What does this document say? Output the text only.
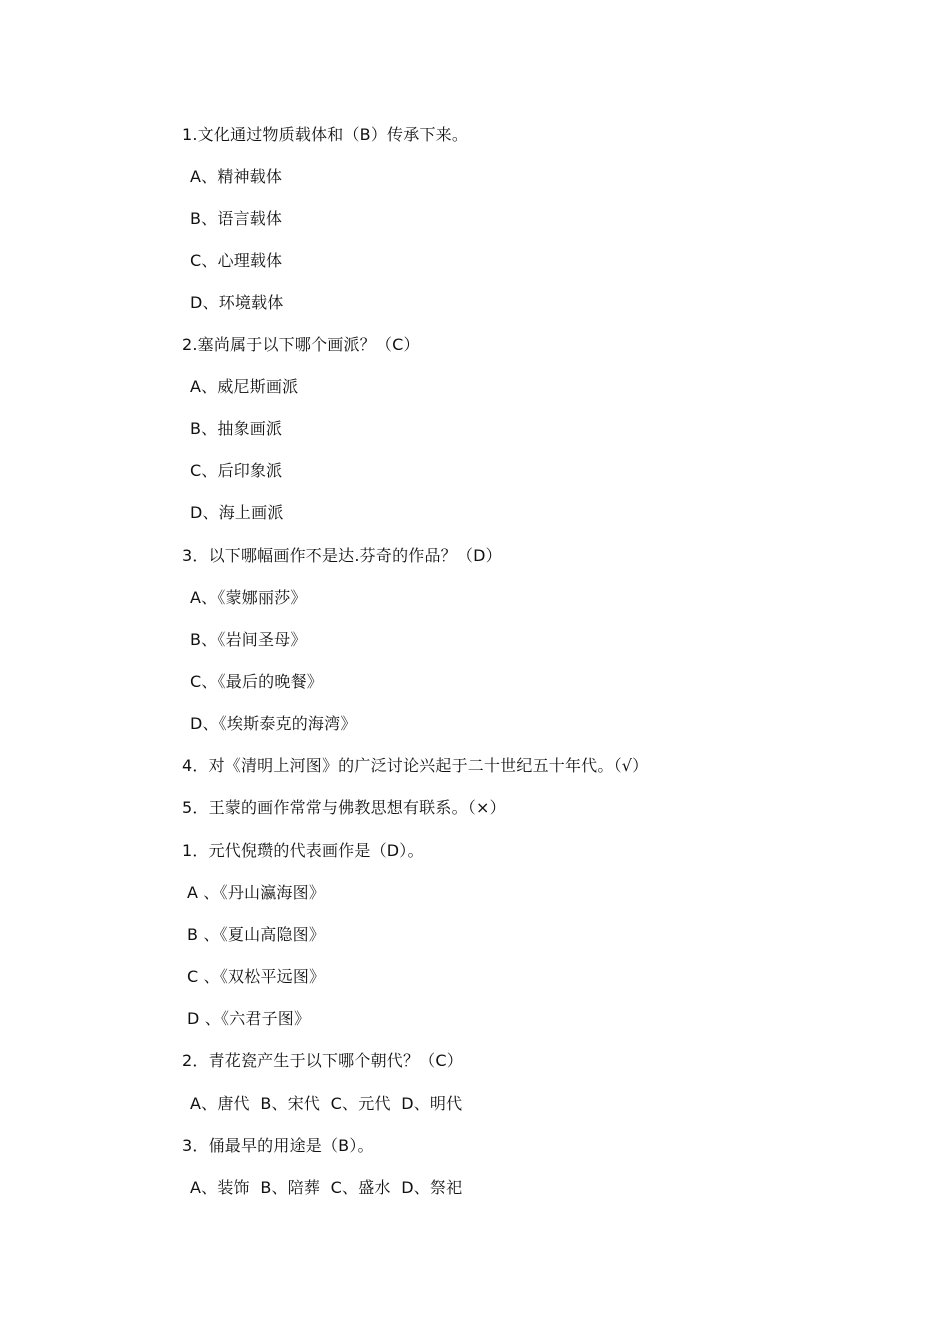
1.文化通过物质载体和（B）传承下来。
A、精神载体
B、语言载体
C、心理载体
D、环境载体
2.塞尚属于以下哪个画派？（C）
A、威尼斯画派
B、抽象画派
C、后印象派
D、海上画派
3．以下哪幅画作不是达.芬奇的作品？（D）
A、《蒙娜丽莎》
B、《岩间圣母》
C、《最后的晚餐》
D、《埃斯泰克的海湾》
4．对《清明上河图》的广泛讨论兴起于二十世纪五十年代。（√）
5．王蒙的画作常常与佛教思想有联系。（×）
1．元代倪瓒的代表画作是（D）。
A 、《丹山瀛海图》
B 、《夏山高隐图》
C 、《双松平远图》
D 、《六君子图》
2．青花瓷产生于以下哪个朝代？（C）
A、唐代  B、宋代  C、元代  D、明代
3．俑最早的用途是（B）。
A、装饰  B、陪葬  C、盛水  D、祭祀
